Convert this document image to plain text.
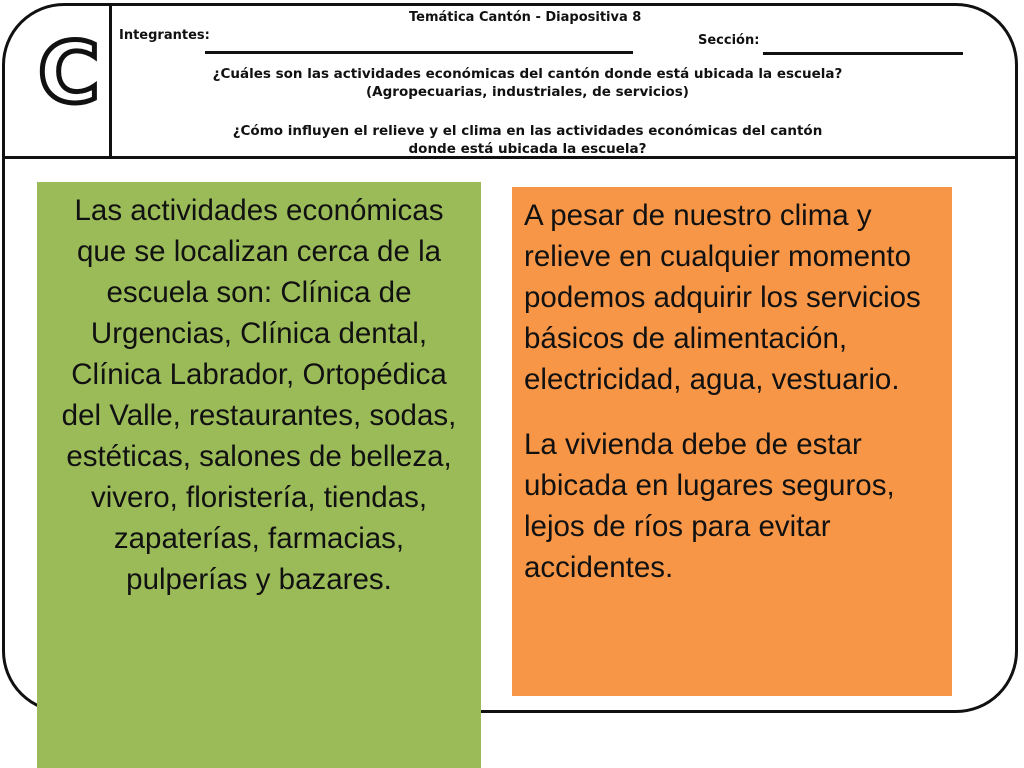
C
Temática Cantón - Diapositiva 8
Integrantes:	Sección:
¿Cuáles son las actividades económicas del cantón donde está ubicada la escuela?
(Agropecuarias, industriales, de servicios)
¿Cómo influyen el relieve y el clima en las actividades económicas del cantón
donde está ubicada la escuela?
Las actividades económicas que se localizan cerca de la escuela son: Clínica de Urgencias, Clínica dental, Clínica Labrador, Ortopédica del Valle, restaurantes, sodas, estéticas, salones de belleza, vivero, floristería, tiendas, zapaterías, farmacias, pulperías y bazares.

A pesar de nuestro clima y relieve en cualquier momento podemos adquirir los servicios básicos de alimentación, electricidad, agua, vestuario.

La vivienda debe de estar ubicada en lugares seguros, lejos de ríos para evitar accidentes.
